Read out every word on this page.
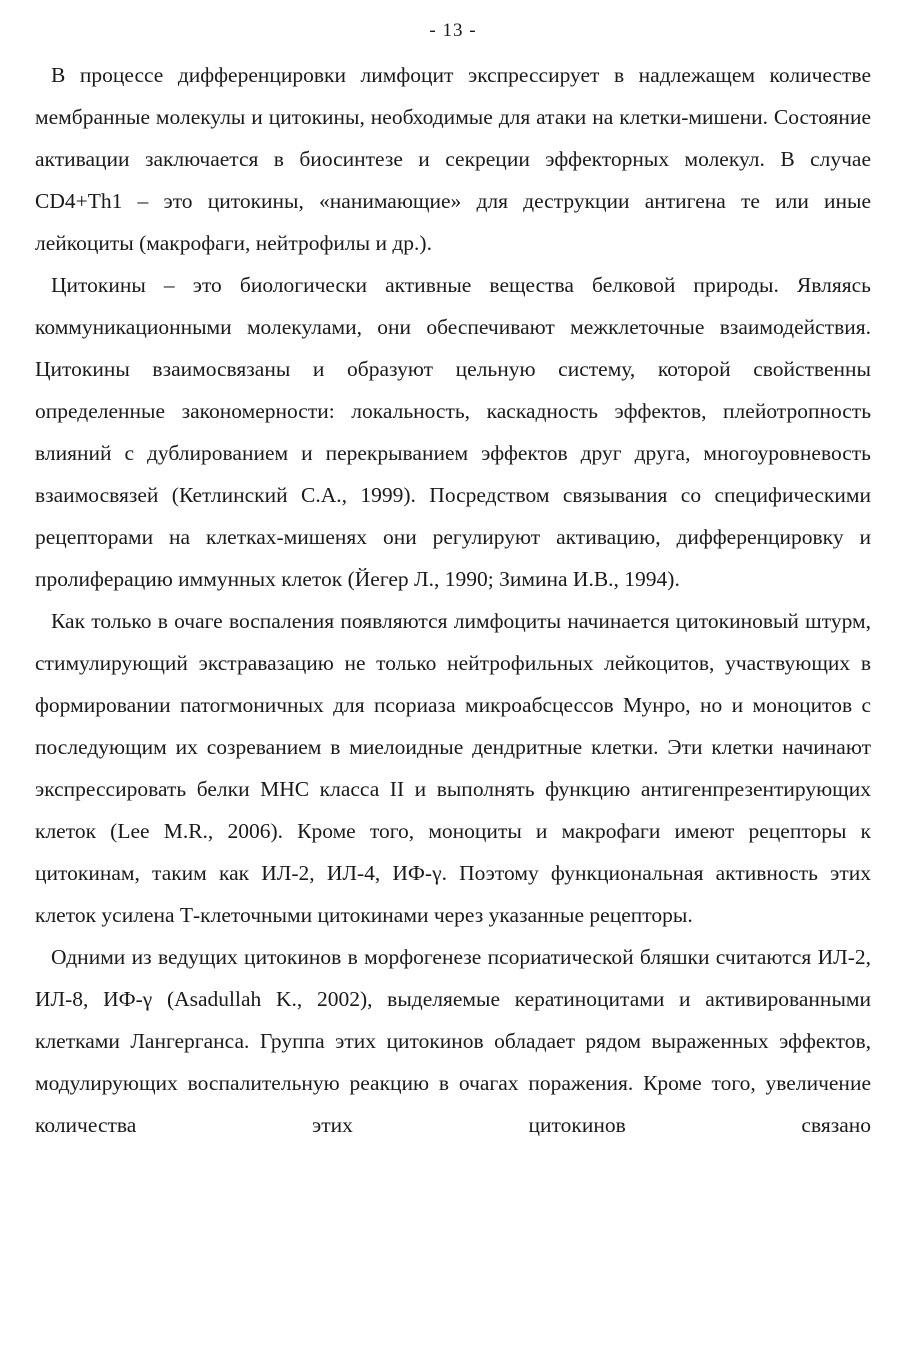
- 13 -

В процессе дифференцировки лимфоцит экспрессирует в надлежащем количестве мембранные молекулы и цитокины, необходимые для атаки на клетки-мишени. Состояние активации заключается в биосинтезе и секреции эффекторных молекул. В случае CD4+Th1 – это цитокины, «нанимающие» для деструкции антигена те или иные лейкоциты (макрофаги, нейтрофилы и др.).

Цитокины – это биологически активные вещества белковой природы. Являясь коммуникационными молекулами, они обеспечивают межклеточные взаимодействия. Цитокины взаимосвязаны и образуют цельную систему, которой свойственны определенные закономерности: локальность, каскадность эффектов, плейотропность влияний с дублированием и перекрыванием эффектов друг друга, многоуровневость взаимосвязей (Кетлинский С.А., 1999). Посредством связывания со специфическими рецепторами на клетках-мишенях они регулируют активацию, дифференцировку и пролиферацию иммунных клеток (Йегер Л., 1990; Зимина И.В., 1994).

Как только в очаге воспаления появляются лимфоциты начинается цитокиновый штурм, стимулирующий экстравазацию не только нейтрофильных лейкоцитов, участвующих в формировании патогмоничных для псориаза микроабсцессов Мунро, но и моноцитов с последующим их созреванием в миелоидные дендритные клетки. Эти клетки начинают экспрессировать белки МНС класса II и выполнять функцию антигенпрезентирующих клеток (Lee M.R., 2006). Кроме того, моноциты и макрофаги имеют рецепторы к цитокинам, таким как ИЛ-2, ИЛ-4, ИФ-γ. Поэтому функциональная активность этих клеток усилена Т-клеточными цитокинами через указанные рецепторы.

Одними из ведущих цитокинов в морфогенезе псориатической бляшки считаются ИЛ-2, ИЛ-8, ИФ-γ (Asadullah K., 2002), выделяемые кератиноцитами и активированными клетками Лангерганса. Группа этих цитокинов обладает рядом выраженных эффектов, модулирующих воспалительную реакцию в очагах поражения. Кроме того, увеличение количества этих цитокинов связано
